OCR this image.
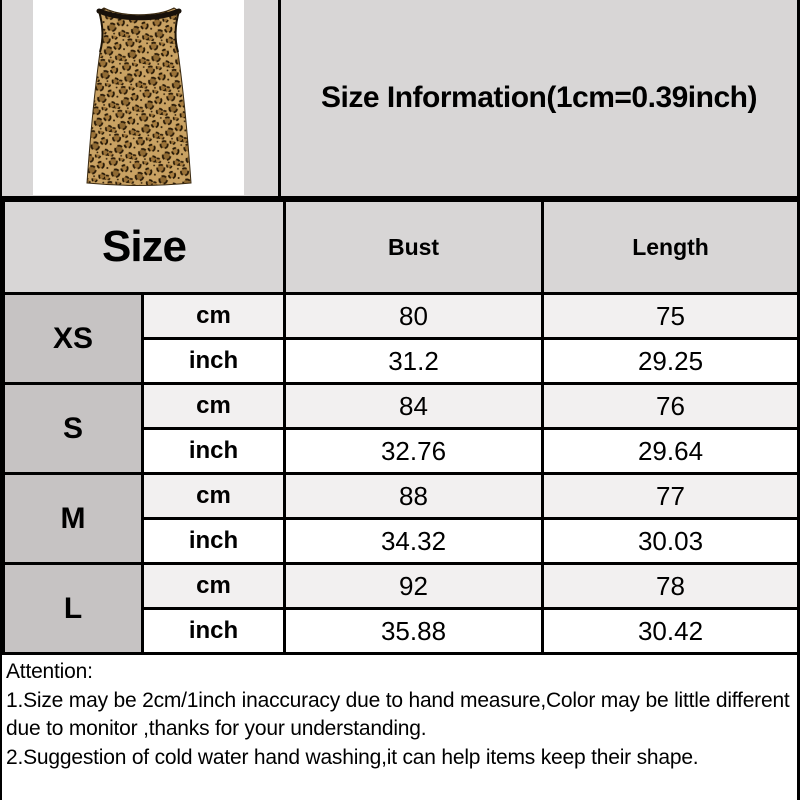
Size Information(1cm=0.39inch)
Size		Bust	Length
XS	cm	80	75
	inch	31.2	29.25
S	cm	84	76
	inch	32.76	29.64
M	cm	88	77
	inch	34.32	30.03
L	cm	92	78
	inch	35.88	30.42
Attention:
1.Size may be 2cm/1inch inaccuracy due to hand measure,Color may be little different due to monitor ,thanks for your understanding.
2.Suggestion of cold water hand washing,it can help items keep their shape.
